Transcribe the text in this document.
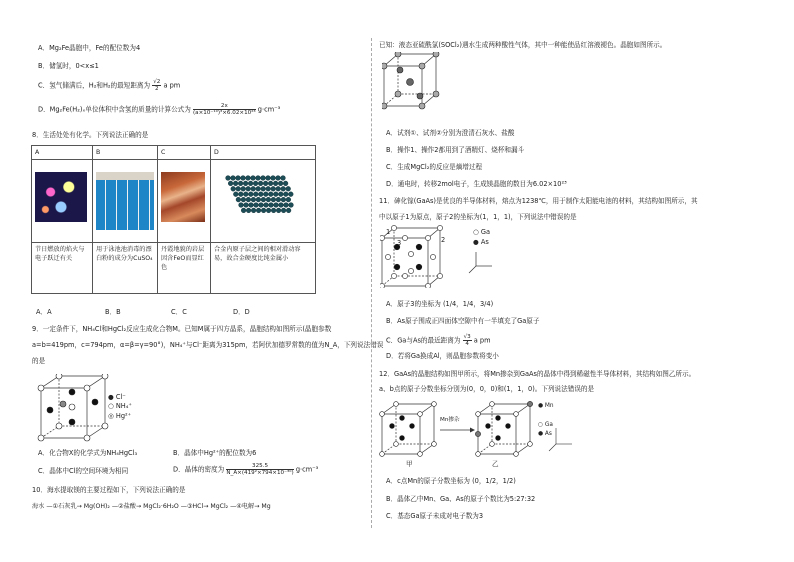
A．Mg₂Fe晶胞中，Fe的配位数为4
B．储氢时，0<x≤1
C．氢气储满后，H₂和H₂的最短距离为 $\frac{√2}{2}$ a pm
D．Mg₂Fe(H₂)ₓ单位体积中含氢的质量的计算公式为 $\frac{2x}{\text{(a×10⁻¹⁰)³×6.02×10²³}} g\cdot cm^{-3}$
8．生活处处有化学。下列说法正确的是
A	B	C	D

节日燃放的焰火与电子跃迁有关	用于泳池池消毒的漂白粉的成分为CuSO₄	丹霞地貌的岩层因含FeO而显红色	合金内原子层之间的相对滑动容易，故合金硬度比纯金属小
A．A	B．B	C．C	D．D
9．一定条件下，NH₄Cl和HgCl₂反应生成化合物M。已知M属于四方晶系，晶胞结构如图所示(晶胞参数
a=b=419pm，c=794pm，α=β=γ=90°)，NH₄⁺与Cl⁻距离为315pm，若阿伏加德罗常数的值为N_A，下列说法错误
的是
● Cl⁻
○ NH₄⁺
◎ Hg²⁺
A．化合物X的化学式为NH₄HgCl₃	B．晶体中Hg²⁺的配位数为6
C．晶体中Cl的空间环境为相同	D．晶体的密度为 $\frac{325.5}{\text{N\_A×(419²×794×10⁻³⁰)}} g\cdot cm^{-3}$
10．海水提取镁的主要过程如下，下列说法正确的是
海水 —①石灰乳→ Mg(OH)₂ —②盐酸→ MgCl₂·6H₂O —③HCl→ MgCl₂ —④电解→ Mg
已知：液态亚硫酰氯(SOCl₂)遇水生成两种酸性气体，其中一种能使品红溶液褪色。晶胞如图所示。
A．试剂①、试剂②分别为澄清石灰水、盐酸
B．操作1、操作2都用到了酒精灯、烧杯和漏斗
C．生成MgCl₂的反应是熵增过程
D．通电时，转移2mol电子，生成镁晶胞的数目为6.02×10²³
11．砷化镓(GaAs)是优良的半导体材料，熔点为1238℃，用于制作太阳能电池的材料，其结构如图所示，其
中以原子1为原点，原子2的坐标为(1，1，1)，下列说法中错误的是
1
2
3
○ Ga
● As
A．原子3的坐标为 (1/4，1/4，3/4)
B．As原子围成正四面体空隙中有一半填充了Ga原子
C．Ga与As的最近距离为 $\frac{√3}{4}$ a pm
D．若将Ga换成Al，则晶胞参数将变小
12．GaAs的晶胞结构如图甲所示，将Mn掺杂到GaAs的晶体中得到稀磁性半导体材料，其结构如图乙所示。
a、b点的原子分数坐标分别为(0，0，0)和(1，1，0)。下列说法错误的是
Mn掺杂
甲	乙
● Mn
○ Ga
● As
A．c点Mn的原子分数坐标为 (0，1/2，1/2)
B．晶体乙中Mn、Ga、As的原子个数比为5:27:32
C．基态Ga原子未成对电子数为3
